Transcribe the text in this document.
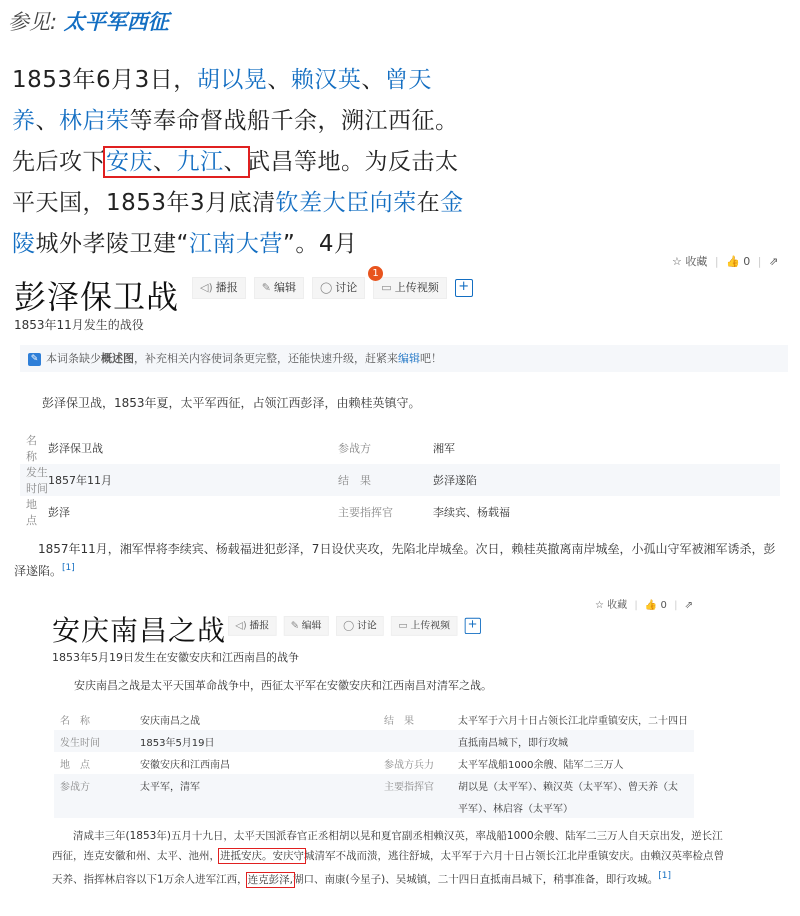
参见: 太平军西征
1853年6月3日，胡以晃、赖汉英、曾天养、林启荣等奉命督战船千余，溯江西征。先后攻下安庆、九江、武昌等地。为反击太平天国，1853年3月底清钦差大臣向荣在金陵城外孝陵卫建“江南大营”。4月
☆ 收藏 | 👍 0 | ⇗
彭泽保卫战	◁) 播报 ✎ 编辑 ◯ 讨论 ▭ 上传视频 +
1
1853年11月发生的战役
✎ 本词条缺少概述图，补充相关内容使词条更完整，还能快速升级，赶紧来编辑吧！
彭泽保卫战，1853年夏，太平军西征，占领江西彭泽，由赖桂英镇守。
名　称	彭泽保卫战	参战方	湘军
发生时间	1857年11月	结　果	彭泽遂陷
地　点	彭泽	主要指挥官	李续宾、杨载福
1857年11月，湘军悍将李续宾、杨载福进犯彭泽，7日设伏夹攻，先陷北岸城垒。次日，赖桂英撤离南岸城垒，小孤山守军被湘军诱杀，彭泽遂陷。[1]
☆ 收藏 | 👍 0 | ⇗
安庆南昌之战 ◁) 播报 ✎ 编辑 ◯ 讨论 ▭ 上传视频 +
1853年5月19日发生在安徽安庆和江西南昌的战争
安庆南昌之战是太平天国革命战争中，西征太平军在安徽安庆和江西南昌对清军之战。
名　称	安庆南昌之战	结　果	太平军于六月十日占领长江北岸重镇安庆，二十四日
发生时间	1853年5月19日		直抵南昌城下，即行攻城
地　点	安徽安庆和江西南昌	参战方兵力	太平军战船1000余艘、陆军二三万人
参战方	太平军，清军	主要指挥官	胡以晃（太平军）、赖汉英（太平军）、曾天养（太
			平军）、林启容（太平军）
清咸丰三年(1853年)五月十九日，太平天国派春官正丞相胡以晃和夏官副丞相赖汉英，率战船1000余艘、陆军二三万人自天京出发，逆长江西征，连克安徽和州、太平、池州，进抵安庆。安庆守城清军不战而溃，逃往舒城，太平军于六月十日占领长江北岸重镇安庆。由赖汉英率检点曾天养、指挥林启容以下1万余人进军江西，连克彭泽,湖口、南康(今星子)、吴城镇，二十四日直抵南昌城下，稍事准备，即行攻城。[1]
